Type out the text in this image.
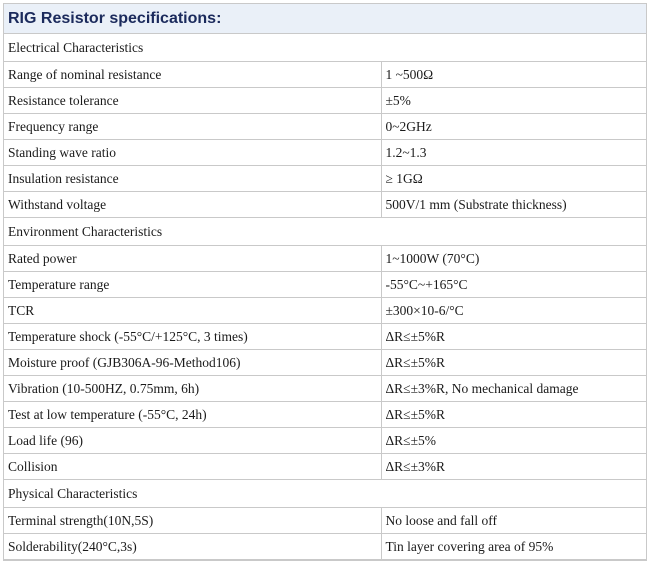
RIG Resistor specifications:
Electrical Characteristics	
Range of nominal resistance	1 ~500Ω
Resistance tolerance	±5%
Frequency range	0~2GHz
Standing wave ratio	1.2~1.3
Insulation resistance	≥ 1GΩ
Withstand voltage	500V/1 mm (Substrate thickness)
Environment Characteristics	
Rated power	1~1000W (70°C)
Temperature range	-55°C~+165°C
TCR	±300×10-6/°C
Temperature shock (-55°C/+125°C, 3 times)	ΔR≤±5%R
Moisture proof (GJB306A-96-Method106)	ΔR≤±5%R
Vibration (10-500HZ, 0.75mm, 6h)	ΔR≤±3%R, No mechanical damage
Test at low temperature (-55°C, 24h)	ΔR≤±5%R
Load life (96)	ΔR≤±5%
Collision	ΔR≤±3%R
Physical Characteristics	
Terminal strength(10N,5S)	No loose and fall off
Solderability(240°C,3s)	Tin layer covering area of 95%
